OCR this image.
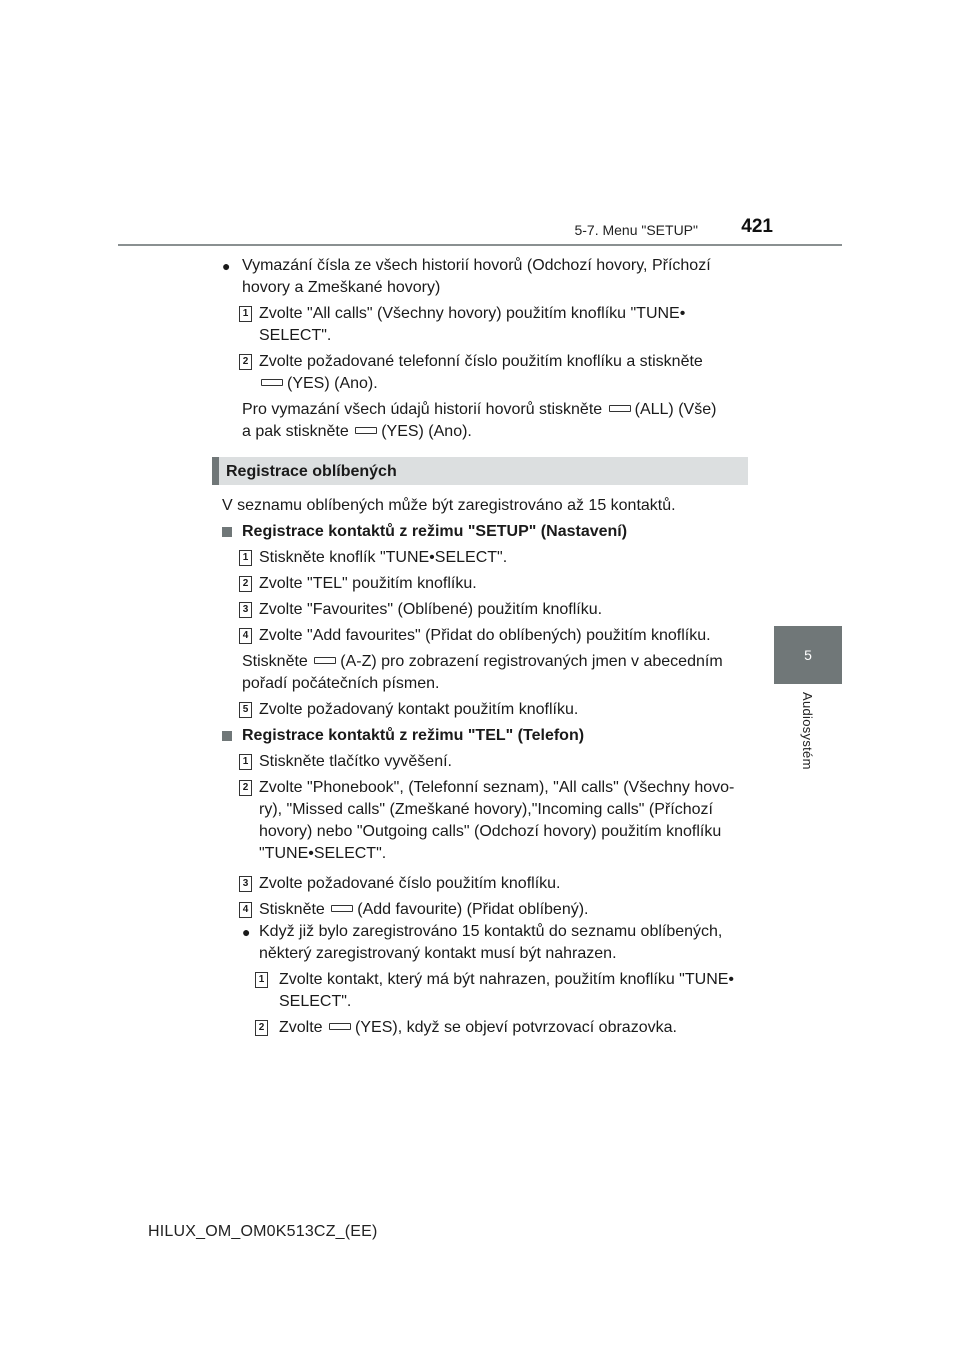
5-7. Menu "SETUP" 421
5
Audiosystém
● Vymazání čísla ze všech historií hovorů (Odchozí hovory, Příchozí
hovory a Zmeškané hovory)
1 Zvolte "All calls" (Všechny hovory) použitím knoflíku "TUNE•
SELECT".
2 Zvolte požadované telefonní číslo použitím knoflíku a stiskněte
(YES) (Ano).
Pro vymazání všech údajů historií hovorů stiskněte (ALL) (Vše)
a pak stiskněte (YES) (Ano).
Registrace oblíbených
V seznamu oblíbených může být zaregistrováno až 15 kontaktů.
Registrace kontaktů z režimu "SETUP" (Nastavení)
1 Stiskněte knoflík "TUNE•SELECT".
2 Zvolte "TEL" použitím knoflíku.
3 Zvolte "Favourites" (Oblíbené) použitím knoflíku.
4 Zvolte "Add favourites" (Přidat do oblíbených) použitím knoflíku.
Stiskněte (A-Z) pro zobrazení registrovaných jmen v abecedním
pořadí počátečních písmen.
5 Zvolte požadovaný kontakt použitím knoflíku.
Registrace kontaktů z režimu "TEL" (Telefon)
1 Stiskněte tlačítko vyvěšení.
2 Zvolte "Phonebook", (Telefonní seznam), "All calls" (Všechny hovo-
ry), "Missed calls" (Zmeškané hovory),"Incoming calls" (Příchozí
hovory) nebo "Outgoing calls" (Odchozí hovory) použitím knoflíku
"TUNE•SELECT".
3 Zvolte požadované číslo použitím knoflíku.
4 Stiskněte (Add favourite) (Přidat oblíbený).
● Když již bylo zaregistrováno 15 kontaktů do seznamu oblíbených,
některý zaregistrovaný kontakt musí být nahrazen.
1 Zvolte kontakt, který má být nahrazen, použitím knoflíku "TUNE•
SELECT".
2 Zvolte (YES), když se objeví potvrzovací obrazovka.
HILUX_OM_OM0K513CZ_(EE)
